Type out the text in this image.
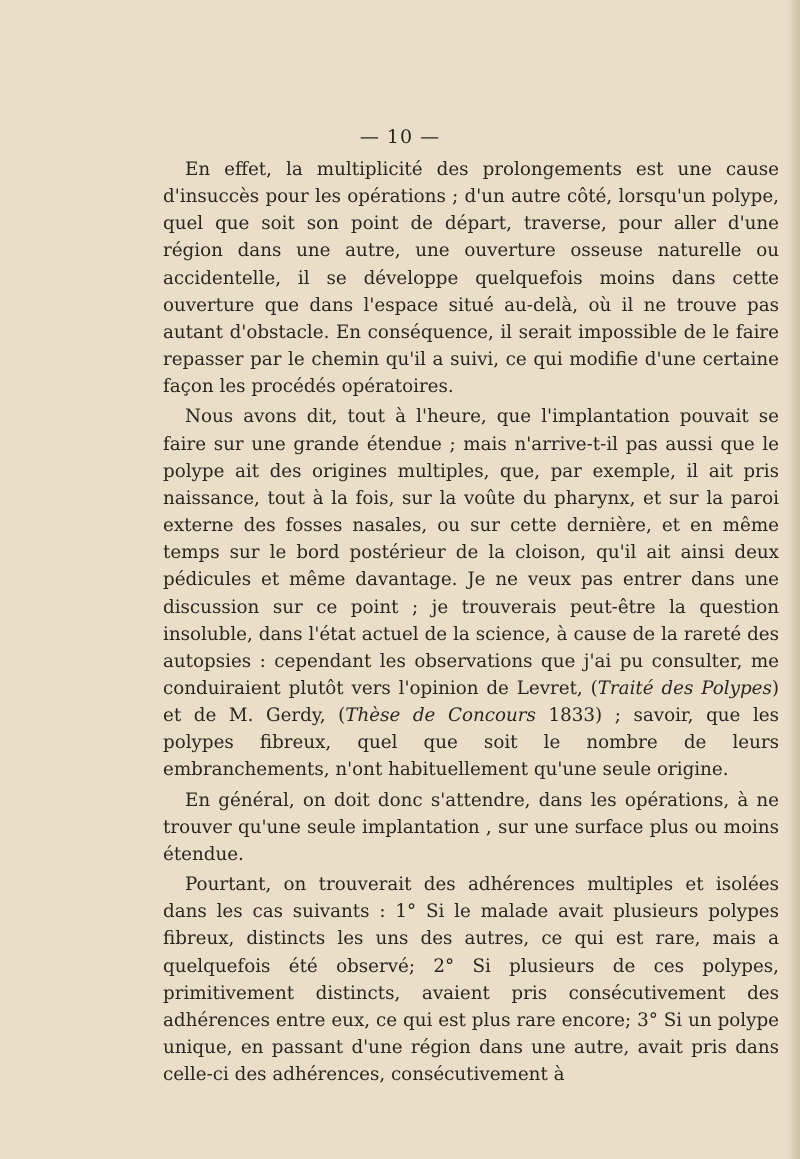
— 10 —

En effet, la multiplicité des prolongements est une cause d'insuccès pour les opérations ; d'un autre côté, lorsqu'un polype, quel que soit son point de départ, traverse, pour aller d'une région dans une autre, une ouverture osseuse naturelle ou accidentelle, il se développe quelquefois moins dans cette ouverture que dans l'espace situé au-delà, où il ne trouve pas autant d'obstacle. En conséquence, il serait impossible de le faire repasser par le chemin qu'il a suivi, ce qui modifie d'une certaine façon les procédés opératoires.

Nous avons dit, tout à l'heure, que l'implantation pouvait se faire sur une grande étendue ; mais n'arrive-t-il pas aussi que le polype ait des origines multiples, que, par exemple, il ait pris naissance, tout à la fois, sur la voûte du pharynx, et sur la paroi externe des fosses nasales, ou sur cette dernière, et en même temps sur le bord postérieur de la cloison, qu'il ait ainsi deux pédicules et même davantage. Je ne veux pas entrer dans une discussion sur ce point ; je trouverais peut-être la question insoluble, dans l'état actuel de la science, à cause de la rareté des autopsies : cependant les observations que j'ai pu consulter, me conduiraient plutôt vers l'opinion de Levret, (Traité des Polypes) et de M. Gerdy, (Thèse de Concours 1833) ; savoir, que les polypes fibreux, quel que soit le nombre de leurs embranchements, n'ont habituellement qu'une seule origine.

En général, on doit donc s'attendre, dans les opérations, à ne trouver qu'une seule implantation , sur une surface plus ou moins étendue.

Pourtant, on trouverait des adhérences multiples et isolées dans les cas suivants : 1° Si le malade avait plusieurs polypes fibreux, distincts les uns des autres, ce qui est rare, mais a quelquefois été observé; 2° Si plusieurs de ces polypes, primitivement distincts, avaient pris consécutivement des adhérences entre eux, ce qui est plus rare encore; 3° Si un polype unique, en passant d'une région dans une autre, avait pris dans celle-ci des adhérences, consécutivement à
